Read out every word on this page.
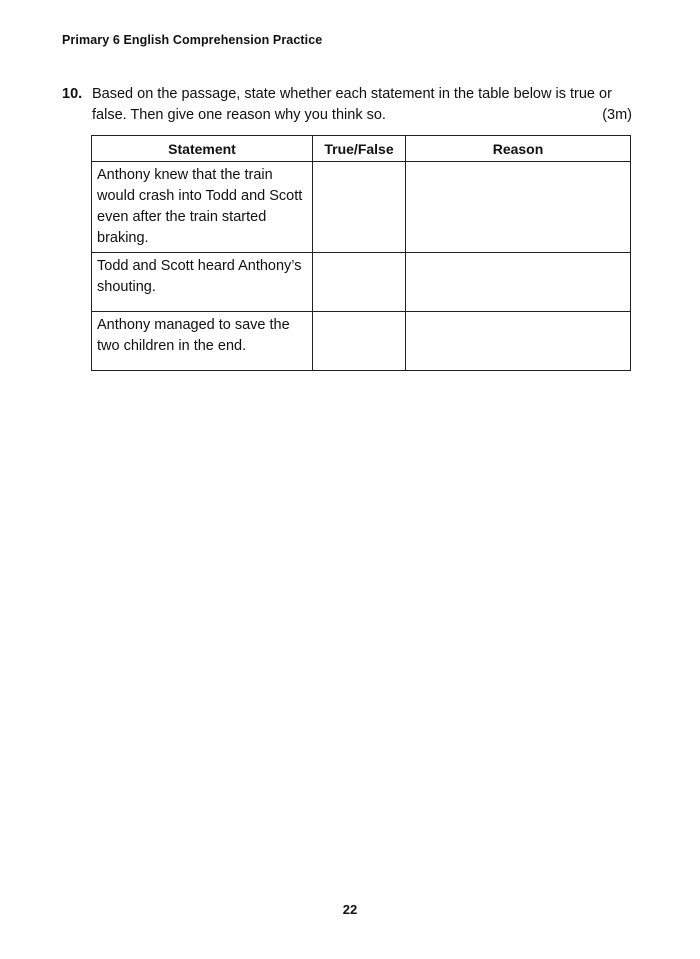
Primary 6 English Comprehension Practice
10. Based on the passage, state whether each statement in the table below is true or
false. Then give one reason why you think so.	(3m)
Statement	True/False	Reason

Anthony knew that the train would crash into Todd and Scott even after the train started braking.		

Todd and Scott heard Anthony’s shouting.		

Anthony managed to save the two children in the end.		

22
